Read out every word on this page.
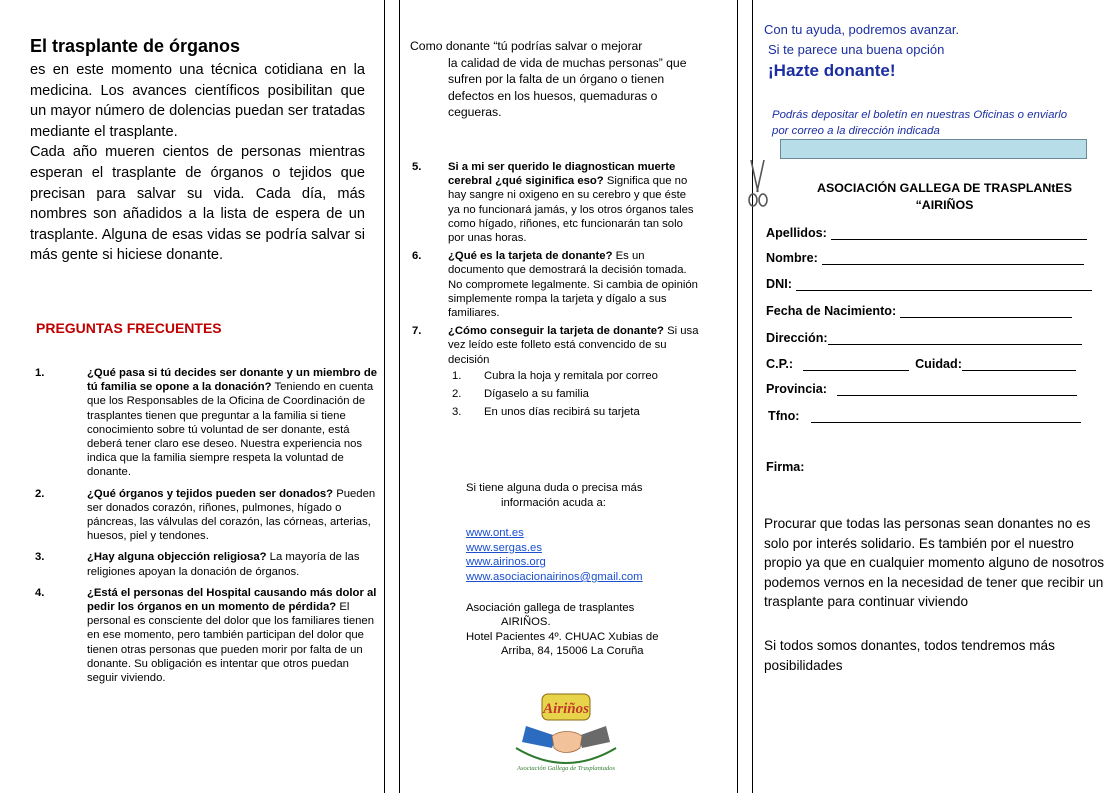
El trasplante de órganos

es en este momento una técnica cotidiana en la medicina. Los avances científicos posibilitan que un mayor número de dolencias puedan ser tratadas mediante el trasplante.

Cada año mueren cientos de personas mientras esperan el trasplante de órganos o tejidos que precisan para salvar su vida. Cada día, más nombres son añadidos a la lista de espera de un trasplante. Alguna de esas vidas se podría salvar si más gente si hiciese donante.

PREGUNTAS FRECUENTES
1.	¿Qué pasa si tú decides ser donante y un miembro de tú familia se opone a la donación? Teniendo en cuenta que los Responsables de la Oficina de Coordinación de trasplantes tienen que preguntar a la familia si tiene conocimiento sobre tú voluntad de ser donante, está deberá tener claro ese deseo. Nuestra experiencia nos indica que la familia siempre respeta la voluntad de donante.
2.	¿Qué órganos y tejidos pueden ser donados? Pueden ser donados corazón, riñones, pulmones, hígado o páncreas, las válvulas del corazón, las córneas, arterias, huesos, piel y tendones.
3.	¿Hay alguna objección religiosa? La mayoría de las religiones apoyan la donación de órganos.
4.	¿Está el personas del Hospital causando más dolor al pedir los órganos en un momento de pérdida? El personal es consciente del dolor que los familiares tienen en ese momento, pero también participan del dolor que tienen otras personas que pueden morir por falta de un donante. Su obligación es intentar que otros puedan seguir viviendo.
Como donante “tú podrías salvar o mejorar
la calidad de vida de muchas personas” que sufren por la falta de un órgano o tienen defectos en los huesos, quemaduras o cegueras.
5. Si a mi ser querido le diagnostican muerte cerebral ¿qué siginifica eso? Significa que no hay sangre ni oxigeno en su cerebro y que éste ya no funcionará jamás, y los otros órganos tales como hígado, riñones, etc funcionarán tan solo por unas horas.
6. ¿Qué es la tarjeta de donante? Es un documento que demostrará la decisión tomada. No compromete legalmente. Si cambia de opinión simplemente rompa la tarjeta y dígalo a sus familiares.
7. ¿Cómo conseguir la tarjeta de donante? Si usa vez leído este folleto está convencido de su decisión
1. Cubra la hoja y remitala por correo
2. Dígaselo a su familia
3. En unos días recibirá su tarjeta

Si tiene alguna duda o precisa más
información acuda a:

www.ont.es
www.sergas.es
www.airinos.org
www.asociacionairinos@gmail.com

Asociación gallega de trasplantes
AIRIÑOS.
Hotel Pacientes 4º. CHUAC Xubias de
Arriba, 84, 15006 La Coruña

Airiños
Asociación Gallega de Trasplantados
Con tu ayuda, podremos avanzar.
Si te parece una buena opción
¡Hazte donante!
Podrás depositar el boletín en nuestras Oficinas o enviarlo por correo a la dirección indicada
ASOCIACIÓN GALLEGA DE TRASPLANtES
“AIRIÑOS
Apellidos:
Nombre:
DNI:
Fecha de Nacimiento:
Dirección:
C.P.:	Cuidad:
Provincia:
Tfno:
Firma:
Procurar que todas las personas sean donantes no es solo por interés solidario. Es también por el nuestro propio ya que en cualquier momento alguno de nosotros podemos vernos en la necesidad de tener que recibir un trasplante para continuar viviendo
Si todos somos donantes, todos tendremos más posibilidades
